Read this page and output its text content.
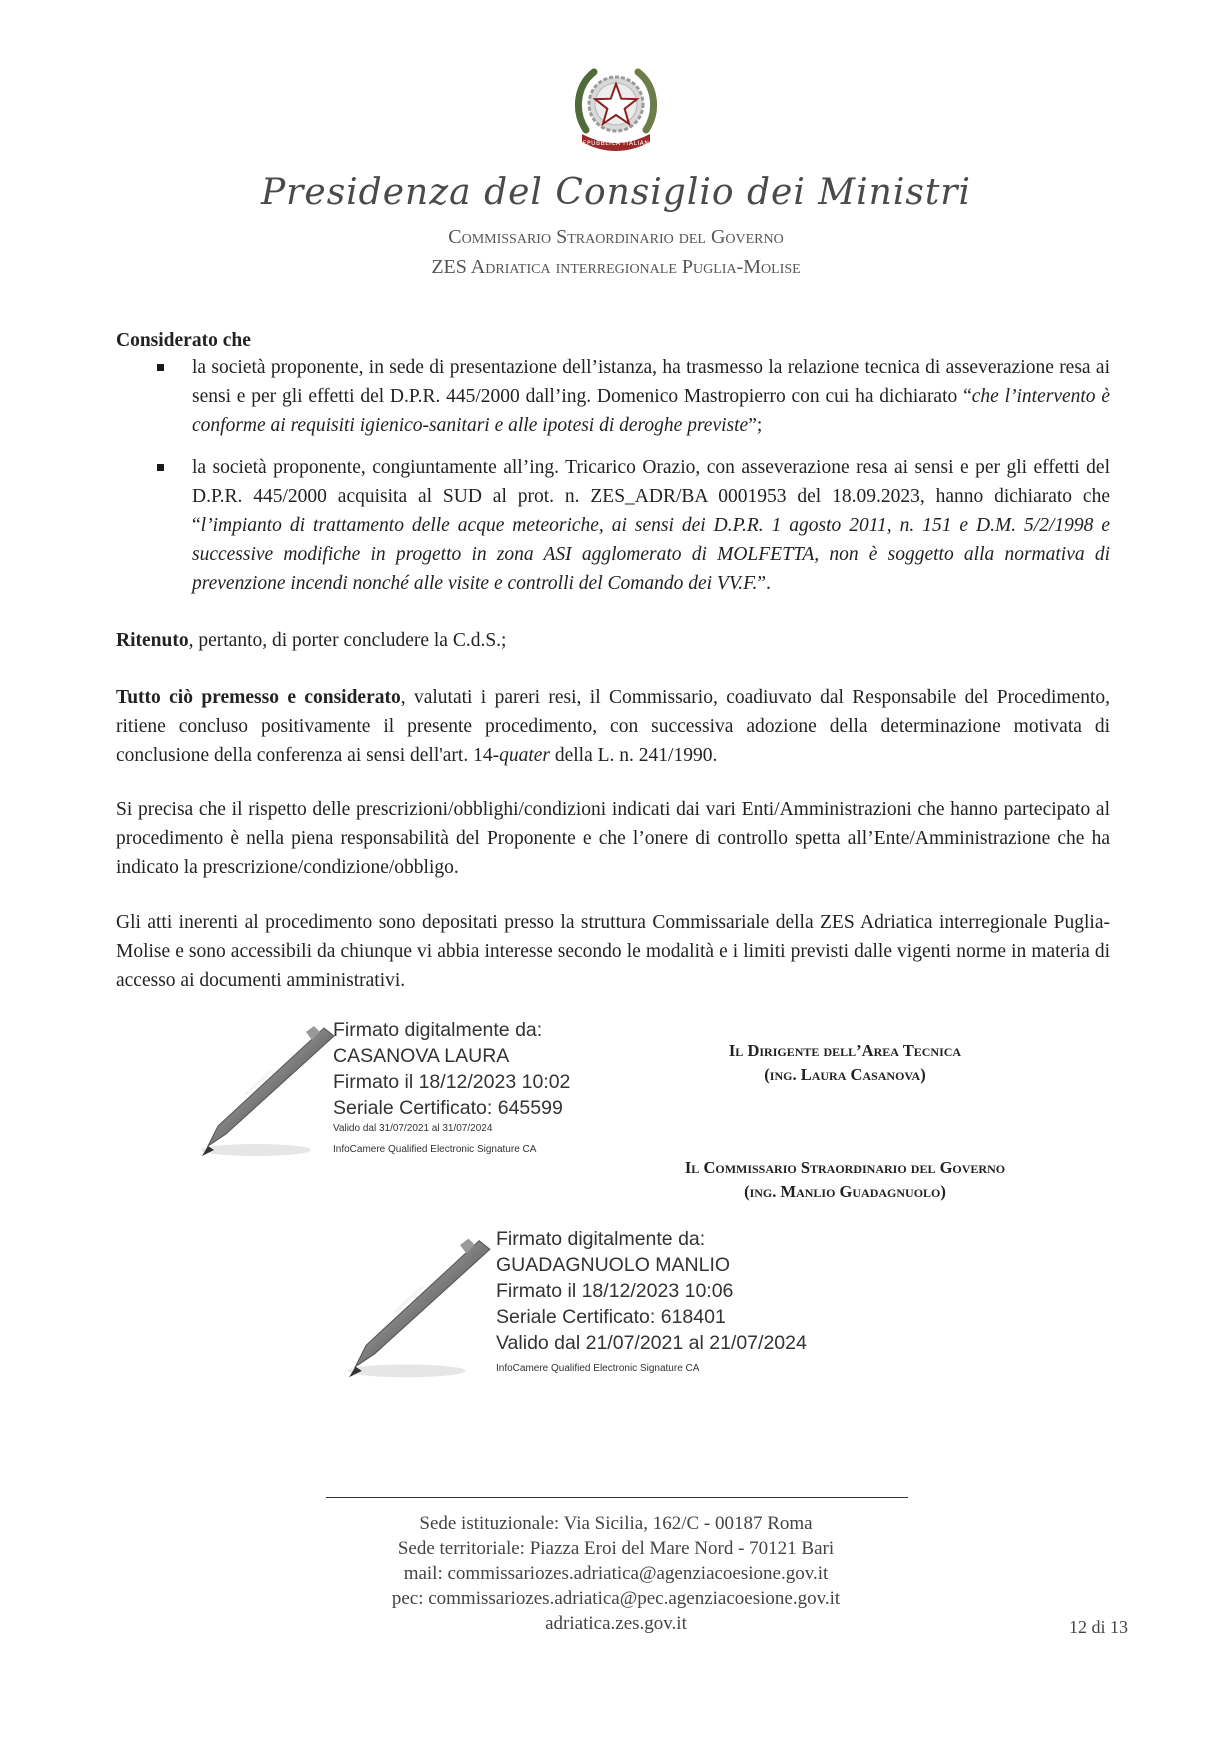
REPUBBLICA ITALIANA
Presidenza del Consiglio dei Ministri
Commissario Straordinario del Governo
ZES Adriatica interregionale Puglia-Molise
Considerato che
la società proponente, in sede di presentazione dell’istanza, ha trasmesso la relazione tecnica di asseverazione resa ai sensi e per gli effetti del D.P.R. 445/2000 dall’ing. Domenico Mastropierro con cui ha dichiarato “che l’intervento è conforme ai requisiti igienico-sanitari e alle ipotesi di deroghe previste”;
la società proponente, congiuntamente all’ing. Tricarico Orazio, con asseverazione resa ai sensi e per gli effetti del D.P.R. 445/2000 acquisita al SUD al prot. n. ZES_ADR/BA 0001953 del 18.09.2023, hanno dichiarato che “l’impianto di trattamento delle acque meteoriche, ai sensi dei D.P.R. 1 agosto 2011, n. 151 e D.M. 5/2/1998 e successive modifiche in progetto in zona ASI agglomerato di MOLFETTA, non è soggetto alla normativa di prevenzione incendi nonché alle visite e controlli del Comando dei VV.F.”.
Ritenuto, pertanto, di porter concludere la C.d.S.;
Tutto ciò premesso e considerato, valutati i pareri resi, il Commissario, coadiuvato dal Responsabile del Procedimento, ritiene concluso positivamente il presente procedimento, con successiva adozione della determinazione motivata di conclusione della conferenza ai sensi dell'art. 14-quater della L. n. 241/1990.
Si precisa che il rispetto delle prescrizioni/obblighi/condizioni indicati dai vari Enti/Amministrazioni che hanno partecipato al procedimento è nella piena responsabilità del Proponente e che l’onere di controllo spetta all’Ente/Amministrazione che ha indicato la prescrizione/condizione/obbligo.
Gli atti inerenti al procedimento sono depositati presso la struttura Commissariale della ZES Adriatica interregionale Puglia-Molise e sono accessibili da chiunque vi abbia interesse secondo le modalità e i limiti previsti dalle vigenti norme in materia di accesso ai documenti amministrativi.
Firmato digitalmente da:
CASANOVA LAURA
Firmato il 18/12/2023 10:02
Seriale Certificato: 645599
Valido dal 31/07/2021 al 31/07/2024
InfoCamere Qualified Electronic Signature CA
Il Dirigente dell’Area Tecnica
(ing. Laura Casanova)
Il Commissario Straordinario del Governo
(ing. Manlio Guadagnuolo)
Firmato digitalmente da:
GUADAGNUOLO MANLIO
Firmato il 18/12/2023 10:06
Seriale Certificato: 618401
Valido dal 21/07/2021 al 21/07/2024
InfoCamere Qualified Electronic Signature CA
Sede istituzionale: Via Sicilia, 162/C - 00187 Roma
Sede territoriale: Piazza Eroi del Mare Nord - 70121 Bari
mail: commissariozes.adriatica@agenziacoesione.gov.it
pec: commissariozes.adriatica@pec.agenziacoesione.gov.it
adriatica.zes.gov.it	12 di 13
